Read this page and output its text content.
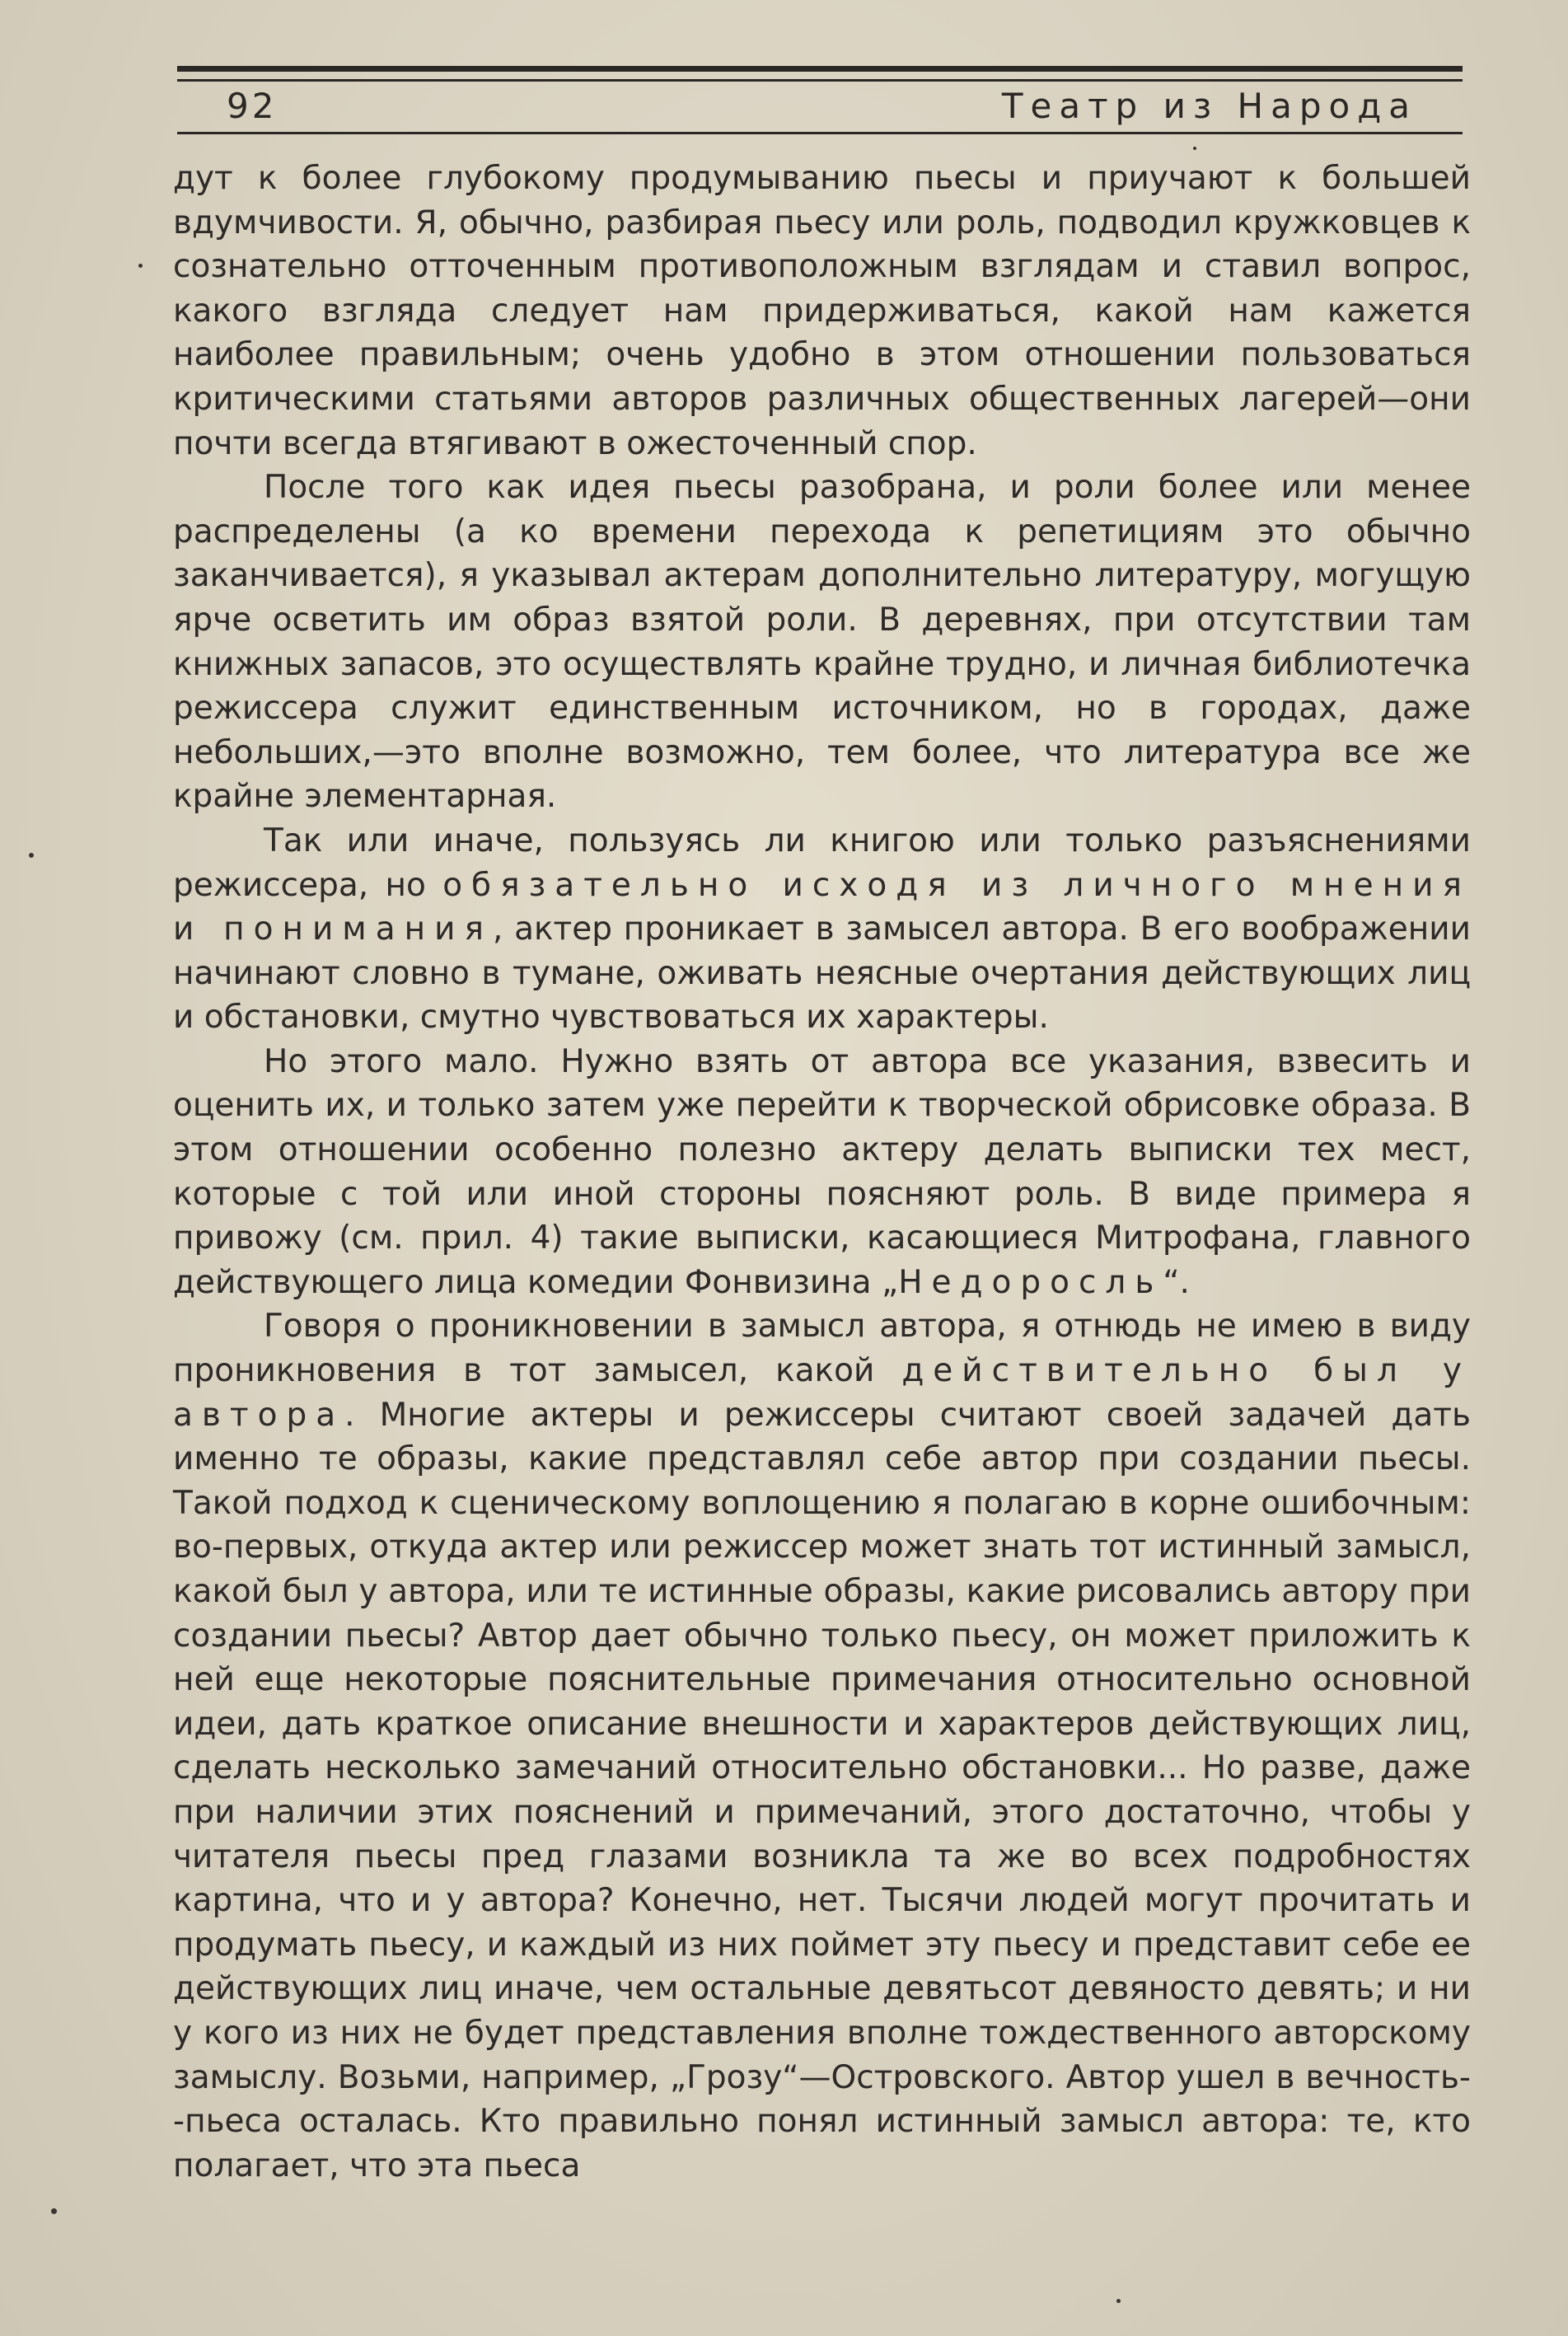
92	Театр из Народа

дут к более глубокому продумыванию пьесы и приучают к большей вдумчивости. Я, обычно, разбирая пьесу или роль, подводил кружковцев к сознательно отточенным противоположным взглядам и ставил вопрос, какого взгляда следует нам придерживаться, какой нам кажется наиболее правильным; очень удобно в этом отношении пользоваться критическими статьями авторов различных общественных лагерей—они почти всегда втягивают в ожесточенный спор.

После того как идея пьесы разобрана, и роли более или менее распределены (а ко времени перехода к репетициям это обычно заканчивается), я указывал актерам дополнительно литературу, могущую ярче осветить им образ взятой роли. В деревнях, при отсутствии там книжных запасов, это осуществлять крайне трудно, и личная библиотечка режиссера служит единственным источником, но в городах, даже небольших,—это вполне возможно, тем более, что литература все же крайне элементарная.

Так или иначе, пользуясь ли книгою или только разъяснениями режиссера, но обязательно исходя из личного мнения и понимания, актер проникает в замысел автора. В его воображении начинают словно в тумане, оживать неясные очертания действующих лиц и обстановки, смутно чувствоваться их характеры.

Но этого мало. Нужно взять от автора все указания, взвесить и оценить их, и только затем уже перейти к творческой обрисовке образа. В этом отношении особенно полезно актеру делать выписки тех мест, которые с той или иной стороны поясняют роль. В виде примера я привожу (см. прил. 4) такие выписки, касающиеся Митрофана, главного действующего лица комедии Фонвизина „Недоросль“.

Говоря о проникновении в замысл автора, я отнюдь не имею в виду проникновения в тот замысел, какой действительно был у автора. Многие актеры и режиссеры считают своей задачей дать именно те образы, какие представлял себе автор при создании пьесы. Такой подход к сценическому воплощению я полагаю в корне ошибочным: во-первых, откуда актер или режиссер может знать тот истинный замысл, какой был у автора, или те истинные образы, какие рисовались автору при создании пьесы? Автор дает обычно только пьесу, он может приложить к ней еще некоторые пояснительные примечания относительно основной идеи, дать краткое описание внешности и характеров действующих лиц, сделать несколько замечаний относительно обстановки... Но разве, даже при наличии этих пояснений и примечаний, этого достаточно, чтобы у читателя пьесы пред глазами возникла та же во всех подробностях картина, что и у автора? Конечно, нет. Тысячи людей могут прочитать и продумать пьесу, и каждый из них поймет эту пьесу и представит себе ее действующих лиц иначе, чем остальные девятьсот девяносто девять; и ни у кого из них не будет представления вполне тождественного авторскому замыслу. Возьми, например, „Грозу“—Островского. Автор ушел в вечность--пьеса осталась. Кто правильно понял истинный замысл автора: те, кто полагает, что эта пьеса
